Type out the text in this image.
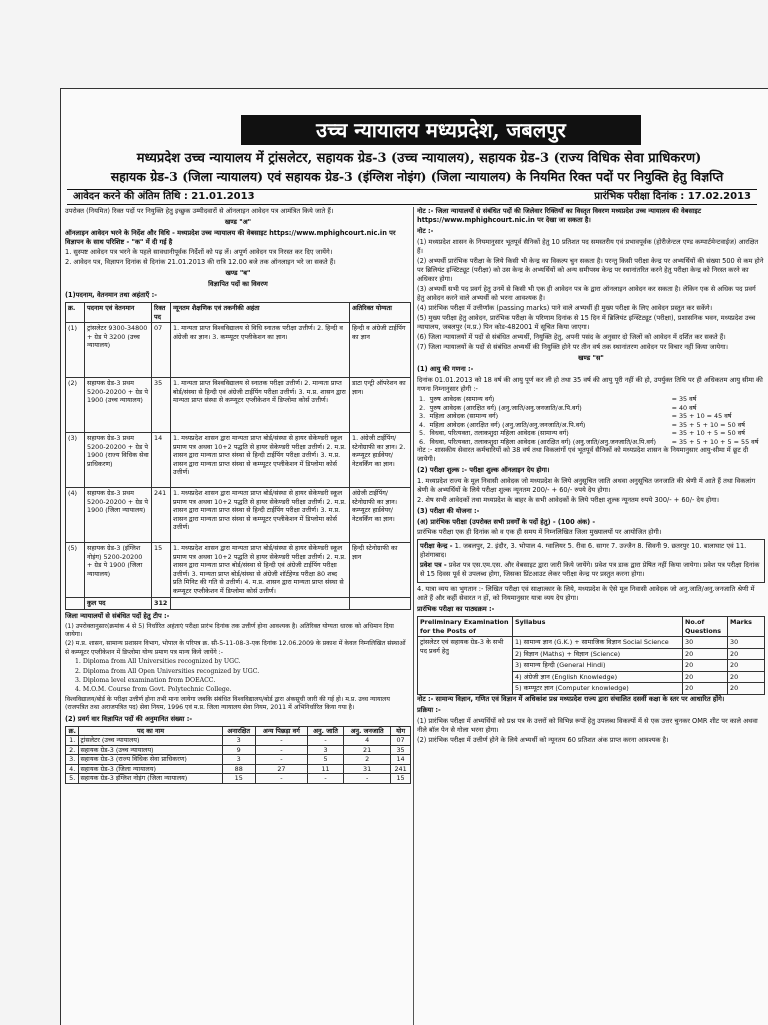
उच्च न्यायालय मध्यप्रदेश, जबलपुर
मध्यप्रदेश उच्च न्यायालय में ट्रांसलेटर, सहायक ग्रेड-3 (उच्च न्यायालय), सहायक ग्रेड-3 (राज्य विधिक सेवा प्राधिकरण)
सहायक ग्रेड-3 (जिला न्यायालय) एवं सहायक ग्रेड-3 (इंग्लिश नोइंग) (जिला न्यायालय) के नियमित रिक्त पदों पर नियुक्ति हेतु विज्ञप्ति
आवेदन करने की अंतिम तिथि : 21.01.2013	प्रारंभिक परीक्षा दिनांक : 17.02.2013

उपरोक्त (नियमित) रिक्त पदों पर नियुक्ति हेतु इच्छुक उम्मीदवारों से ऑनलाइन आवेदन पत्र आमंत्रित किये जाते हैं।

खण्ड "अ"

ऑनलाइन आवेदन भरने के निर्देश और विधि - मध्यप्रदेश उच्च न्यायालय की वेबसाइट https://www.mphighcourt.nic.in पर विज्ञापन के साथ परिशिष्ट - "क" में दी गई है

1. सुस्पष्ट आवेदन पत्र भरने के पहले सावधानीपूर्वक निर्देशों को पढ़ लें। अपूर्ण आवेदन पत्र निरस्त कर दिए जायेंगे।

2. आवेदन पत्र, विज्ञापन दिनांक से दिनांक 21.01.2013 की रात्रि 12.00 बजे तक ऑनलाइन भरे जा सकते हैं।

खण्ड "ब"

विज्ञापित पदों का विवरण

(1)पदनाम, वेतनमान तथा अहंताएँ :-

क्र.	पदनाम एवं वेतनमान	रिक्त पद	न्यूनतम शैक्षणिक एवं तकनीकी अहंता	अतिरिक्त योग्यता
(1)	ट्रांसलेटर 9300-34800 + ग्रेड पे 3200 (उच्च न्यायालय)	07	1. मान्यता प्राप्त विश्वविद्यालय से विधि स्नातक परीक्षा उत्तीर्ण। 2. हिन्दी व अंग्रेजी का ज्ञान। 3. कम्प्यूटर एप्लीकेशन का ज्ञान।	हिन्दी व अंग्रेजी टाईपिंग का ज्ञान
(2)	सहायक ग्रेड-3 प्रथम 5200-20200 + ग्रेड पे 1900 (उच्च न्यायालय)	35	1. मान्यता प्राप्त विश्वविद्यालय से स्नातक परीक्षा उत्तीर्ण। 2. मान्यता प्राप्त बोर्ड/संस्था से हिन्दी एवं अंग्रेजी टाईपिंग परीक्षा उत्तीर्ण। 3. म.प्र. शासन द्वारा मान्यता प्राप्त संस्था से कम्प्यूटर एप्लीकेशन में डिप्लोमा कोर्स उत्तीर्ण।	डाटा एन्ट्री ऑपरेशन का ज्ञान।
(3)	सहायक ग्रेड-3 प्रथम 5200-20200 + ग्रेड पे 1900 (राज्य विधिक सेवा प्राधिकरण)	14	1. मध्यप्रदेश शासन द्वारा मान्यता प्राप्त बोर्ड/संस्था से हायर सेकेण्डरी स्कूल प्रमाण पत्र अथवा 10+2 पद्धति से हायर सेकेण्डरी परीक्षा उत्तीर्ण। 2. म.प्र. शासन द्वारा मान्यता प्राप्त संस्था से हिन्दी टाईपिंग परीक्षा उत्तीर्ण। 3. म.प्र. शासन द्वारा मान्यता प्राप्त संस्था से कम्प्यूटर एप्लीकेशन में डिप्लोमा कोर्स उत्तीर्ण।	1. अंग्रेजी टाईपिंग/स्टेनोग्राफी का ज्ञान। 2. कम्प्यूटर हार्डवेयर/नेटवर्किंग का ज्ञान।
(4)	सहायक ग्रेड-3 प्रथम 5200-20200 + ग्रेड पे 1900 (जिला न्यायालय)	241	1. मध्यप्रदेश शासन द्वारा मान्यता प्राप्त बोर्ड/संस्था से हायर सेकेण्डरी स्कूल प्रमाण पत्र अथवा 10+2 पद्धति से हायर सेकेण्डरी परीक्षा उत्तीर्ण। 2. म.प्र. शासन द्वारा मान्यता प्राप्त संस्था से हिन्दी टाईपिंग परीक्षा उत्तीर्ण। 3. म.प्र. शासन द्वारा मान्यता प्राप्त संस्था से कम्प्यूटर एप्लीकेशन में डिप्लोमा कोर्स उत्तीर्ण।	अंग्रेजी टाईपिंग/स्टेनोग्राफी का ज्ञान। कम्प्यूटर हार्डवेयर/नेटवर्किंग का ज्ञान।
(5)	सहायक ग्रेड-3 (इंग्लिश नोइंग) 5200-20200 + ग्रेड पे 1900 (जिला न्यायालय)	15	1. मध्यप्रदेश शासन द्वारा मान्यता प्राप्त बोर्ड/संस्था से हायर सेकेण्डरी स्कूल प्रमाण पत्र अथवा 10+2 पद्धति से हायर सेकेण्डरी परीक्षा उत्तीर्ण। 2. म.प्र. शासन द्वारा मान्यता प्राप्त बोर्ड/संस्था से हिन्दी एवं अंग्रेजी टाईपिंग परीक्षा उत्तीर्ण। 3. मान्यता प्राप्त बोर्ड/संस्था से अंग्रेजी शॉर्टहेण्ड परीक्षा 80 शब्द प्रति मिनिट की गति से उत्तीर्ण। 4. म.प्र. शासन द्वारा मान्यता प्राप्त संस्था से कम्प्यूटर एप्लीकेशन में डिप्लोमा कोर्स उत्तीर्ण।	हिन्दी स्टेनोग्राफी का ज्ञान
	कुल पद	312		

जिला न्यायालयों से संबंधित पदों हेतु टीप :-

(1) उपरोक्तानुसार(क्रमांक 4 से 5) निर्धारित अहंताएं परीक्षा प्रारंभ दिनांक तक उत्तीर्ण होना आवश्यक है। अतिरिक्त योग्यता धारक को अधिमान दिया जायेगा।

(2) म.प्र. शासन, सामान्य प्रशासन विभाग, भोपाल के परिपत्र क्र. सी-5-11-08-3-एक दिनांक 12.06.2009 के प्रकाश में केवल निम्नलिखित संस्थाओं से कम्प्यूटर एप्लीकेशन में डिप्लोमा योग्य प्रमाण पत्र मान्य किये जायेंगे :-

1. Diploma from All Universities recognized by UGC.

2. Diploma from All Open Universities recognized by UGC.

3. Diploma level examination from DOEACC.

4. M.O.M. Course from Govt. Polytechnic College.

विश्वविद्यालय/बोर्ड के परीक्षा उत्तीर्ण होना तभी माना जायेगा जबकि संबंधित विश्वविद्यालय/बोर्ड द्वारा अंकसूची जारी की गई हो। म.प्र. उच्च न्यायालय (राजपत्रित तथा अराजपत्रित पद) सेवा नियम, 1996 एवं म.प्र. जिला न्यायालय सेवा नियम, 2011 में अभिनिर्धारित किया गया है।

(2) प्रवर्ग वार विज्ञापित पदों की अनुमानित संख्या :-

क्र.	पद का नाम	अनारक्षित	अन्य पिछड़ा वर्ग	अनु. जाति	अनु. जनजाति	योग
1.	ट्रांसलेटर (उच्च न्यायालय)	3	-	-	4	07
2.	सहायक ग्रेड-3 (उच्च न्यायालय)	9	-	3	21	35
3.	सहायक ग्रेड-3 (राज्य विधिक सेवा प्राधिकरण)	3	-	5	2	14
4.	सहायक ग्रेड-3 (जिला न्यायालय)	88	27	11	31	241
5.	सहायक ग्रेड-3 इंग्लिश नोइंग (जिला न्यायालय)	15	-	-	-	15

नोट :- जिला न्यायालयों से संबंधित पदों की जिलेवार रिक्तियाँ का विस्तृत विवरण मध्यप्रदेश उच्च न्यायालय की वेबसाइट https://www.mphighcourt.nic.in पर देखा जा सकता है।

नोट :-

(1) मध्यप्रदेश शासन के नियमानुसार भूतपूर्व सैनिकों हेतु 10 प्रतिशत पद समस्तरीय एवं प्रभावपूर्वक (होरीजेन्टल एण्ड कम्पार्टमेन्टवाईज) आरक्षित हैं।

(2) अभ्यर्थी प्रारंभिक परीक्षा के लिये किसी भी केन्द्र का विकल्प चुन सकता है। परन्तु किसी परीक्षा केन्द्र पर अभ्यर्थियों की संख्या 500 से कम होने पर ब्रिलियंट इन्स्टिट्यूट (परीक्षा) को उस केन्द्र के अभ्यर्थियों को अन्य समीपस्थ केन्द्र पर स्थानांतरित करने हेतु परीक्षा केन्द्र को निरस्त करने का अधिकार होगा।

(3) अभ्यर्थी सभी पद प्रवर्ग हेतु उनमें से किसी भी एक ही आवेदन पत्र के द्वारा ऑनलाइन आवेदन कर सकता है। लेकिन एक से अधिक पद प्रवर्ग हेतु आवेदन करने वाले अभ्यर्थी को भरना आवश्यक है।

(4) प्रारंभिक परीक्षा में उत्तीर्णांक (passing marks) पाने वाले अभ्यर्थी ही मुख्य परीक्षा के लिए आवेदन प्रस्तुत कर सकेंगे।

(5) मुख्य परीक्षा हेतु आवेदन, प्रारंभिक परीक्षा के परिणाम दिनांक से 15 दिन में ब्रिलियंट इन्स्टिट्यूट (परीक्षा), प्रशासनिक भवन, मध्यप्रदेश उच्च न्यायालय, जबलपुर (म.प्र.) पिन कोड-482001 में सूचित किया जाएगा।

(6) जिला न्यायालयों में पदों से संबंधित अभ्यर्थी, नियुक्ति हेतु, अपनी पसंद के अनुसार दो जिलों को आवेदन में दर्शित कर सकते हैं।

(7) जिला न्यायालयों के पदों से संबंधित अभ्यर्थी की नियुक्ति होने पर तीन वर्ष तक स्थानांतरण आवेदन पर विचार नहीं किया जायेगा।

खण्ड "स"

(1) आयु की गणना :-

दिनांक 01.01.2013 को 18 वर्ष की आयु पूर्ण कर ली हो तथा 35 वर्ष की आयु पूरी नहीं की हो, उपर्युक्त तिथि पर ही अधिकतम आयु सीमा की गणना निम्नानुसार होगी :-

1.	पुरुष आवेदक (सामान्य वर्ग)	= 35 वर्ष
2.	पुरुष आवेदक (आरक्षित वर्ग) (अनु.जाति/अनु.जनजाति/अ.पि.वर्ग)	= 40 वर्ष
3.	महिला आवेदक (सामान्य वर्ग)	= 35 + 10 = 45 वर्ष
4.	महिला आवेदक (आरक्षित वर्ग) (अनु.जाति/अनु.जनजाति/अ.पि.वर्ग)	= 35 + 5 + 10 = 50 वर्ष
5.	विधवा, परित्यक्ता, तलाकशुदा महिला आवेदक (सामान्य वर्ग)	= 35 + 10 + 5 = 50 वर्ष
6.	विधवा, परित्यक्ता, तलाकशुदा महिला आवेदक (आरक्षित वर्ग) (अनु.जाति/अनु.जनजाति/अ.पि.वर्ग)	= 35 + 5 + 10 + 5 = 55 वर्ष

नोट :- शासकीय सेवारत कर्मचारियों को 38 वर्ष तथा विकलांगों एवं भूतपूर्व सैनिकों को मध्यप्रदेश शासन के नियमानुसार आयु-सीमा में छूट दी जायेगी।

(2) परीक्षा शुल्क :- परीक्षा शुल्क ऑनलाइन देय होगा।

1. मध्यप्रदेश राज्य के मूल निवासी आवेदक जो मध्यप्रदेश के लिये अनुसूचित जाति अथवा अनुसूचित जनजाति की श्रेणी में आते हैं तथा विकलांग श्रेणी के अभ्यर्थियों के लिये परीक्षा शुल्क न्यूनतम 200/- + 60/- रुपये देय होगा।

2. शेष सभी आवेदकों तथा मध्यप्रदेश के बाहर के सभी आवेदकों के लिये परीक्षा शुल्क न्यूनतम रुपये 300/- + 60/- देय होगा।

(3) परीक्षा की योजना :-

(अ) प्रारंभिक परीक्षा (उपरोक्त सभी प्रवर्गों के पदों हेतु) - (100 अंक) -

प्रारंभिक परीक्षा एक ही दिनांक को व एक ही समय में निम्नलिखित जिला मुख्यालयों पर आयोजित होगी।

परीक्षा केन्द्र - 1. जबलपुर, 2. इंदौर, 3. भोपाल 4. ग्वालियर 5. रीवा 6. सागर 7. उज्जैन 8. सिवनी 9. छतरपुर 10. बालाघाट एवं 11. होशंगाबाद।

प्रवेश पत्र - प्रवेश पत्र एस.एम.एस. और वेबसाइट द्वारा जारी किये जायेंगे। प्रवेश पत्र डाक द्वारा प्रेषित नहीं किया जायेगा। प्रवेश पत्र परीक्षा दिनांक से 15 दिवस पूर्व से उपलब्ध होगा, जिसका प्रिंटआउट लेकर परीक्षा केन्द्र पर प्रस्तुत करना होगा।

4. यात्रा व्यय का भुगतान :- लिखित परीक्षा एवं साक्षात्कार के लिये, मध्यप्रदेश के ऐसे मूल निवासी आवेदक जो अनु.जाति/अनु.जनजाति श्रेणी में आते हैं और कहीं सेवारत न हों, को नियमानुसार यात्रा व्यय देय होगा।

प्रारंभिक परीक्षा का पाठ्यक्रम :-

Preliminary Examination for the Posts of	Syllabus	No.of Questions	Marks
ट्रांसलेटर एवं सहायक ग्रेड-3 के सभी पद प्रवर्ग हेतु	1) सामान्य ज्ञान (G.K.) + सामाजिक विज्ञान Social Science	30	30
	2) विज्ञान (Maths) + विज्ञान (Science)	20	20
	3) सामान्य हिन्दी (General Hindi)	20	20
	4) अंग्रेजी ज्ञान (English Knowledge)	20	20
	5) कम्प्यूटर ज्ञान (Computer knowledge)	20	20

नोट :- सामान्य विज्ञान, गणित एवं विज्ञान में अधिकांश प्रश्न मध्यप्रदेश राज्य द्वारा संचालित दसवीं कक्षा के स्तर पर आधारित होंगे।

प्रक्रिया :-

(1) प्रारंभिक परीक्षा में अभ्यर्थियों को प्रश्न पत्र के उत्तरों को विभिन्न रूपों हेतु उपलब्ध विकल्पों में से एक उत्तर चुनकर OMR शीट पर काले अथवा नीले बॉल पेन से गोला भरना होगा।

(2) प्रारंभिक परीक्षा में उत्तीर्ण होने के लिये अभ्यर्थी को न्यूनतम 60 प्रतिशत अंक प्राप्त करना आवश्यक है।
